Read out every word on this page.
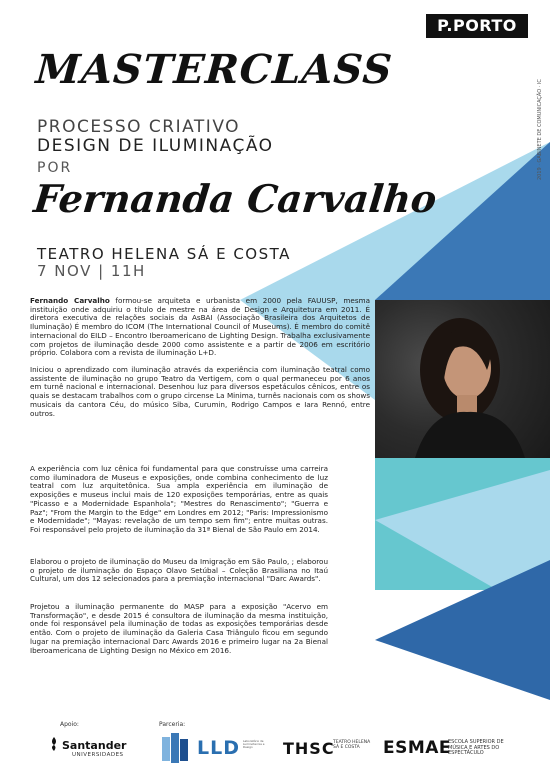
P.PORTO
MASTERCLASS
PROCESSO CRIATIVO
DESIGN DE ILUMINAÇÃO
POR
Fernanda Carvalho
TEATRO HELENA SÁ E COSTA
7 NOV | 11H
2019 · GABINETE DE COMUNICAÇÃO · IC

Fernando Carvalho formou-se arquiteta e urbanista em 2000 pela FAUUSP, mesma instituição onde adquiriu o título de mestre na área de Design e Arquitetura em 2011. É diretora executiva de relações sociais da AsBAI (Associação Brasileira dos Arquitetos de Iluminação) É membro do ICOM (The International Council of Museums). É membro do comitê internacional do EILD – Encontro Iberoamericano de Lighting Design. Trabalha exclusivamente com projetos de iluminação desde 2000 como assistente e a partir de 2006 em escritório próprio. Colabora com a revista de iluminação L+D.

Iniciou o aprendizado com iluminação através da experiência com iluminação teatral como assistente de iluminação no grupo Teatro da Vertigem, com o qual permaneceu por 6 anos em turnê nacional e internacional. Desenhou luz para diversos espetáculos cênicos, entre os quais se destacam trabalhos com o grupo circense La Minima, turnês nacionais com os shows musicais da cantora Céu, do músico Siba, Curumin, Rodrigo Campos e Iara Rennó, entre outros.

A experiência com luz cênica foi fundamental para que construísse uma carreira como iluminadora de Museus e exposições, onde combina conhecimento de luz teatral com luz arquitetônica. Sua ampla experiência em iluminação de exposições e museus inclui mais de 120 exposições temporárias, entre as quais "Picasso e a Modernidade Espanhola"; "Mestres do Renascimento"; "Guerra e Paz"; "From the Margin to the Edge" em Londres em 2012; "Paris: Impressionismo e Modernidade"; "Mayas: revelação de um tempo sem fim"; entre muitas outras. Foi responsável pelo projeto de iluminação da 31ª Bienal de São Paulo em 2014.

Elaborou o projeto de iluminação do Museu da Imigração em São Paulo, ; elaborou o projeto de iluminação do Espaço Olavo Setúbal – Coleção Brasiliana no Itaú Cultural, um dos 12 selecionados para a premiação internacional "Darc Awards".

Projetou a iluminação permanente do MASP para a exposição "Acervo em Transformação", e desde 2015 é consultora de iluminação da mesma instituição, onde foi responsável pela iluminação de todas as exposições temporárias desde então. Com o projeto de iluminação da Galeria Casa Triângulo ficou em segundo lugar na premiação internacional Darc Awards 2016 e primeiro lugar na 2a Bienal Iberoamericana de Lighting Design no México em 2016.

Apoio:	Parceria:
Santander
UNIVERSIDADES	LLD Laboratório de Luminotecnia e Design	THSC
TEATRO HELENA SÁ E COSTA	ESMAE
ESCOLA SUPERIOR DE MÚSICA E ARTES DO ESPECTÁCULO
